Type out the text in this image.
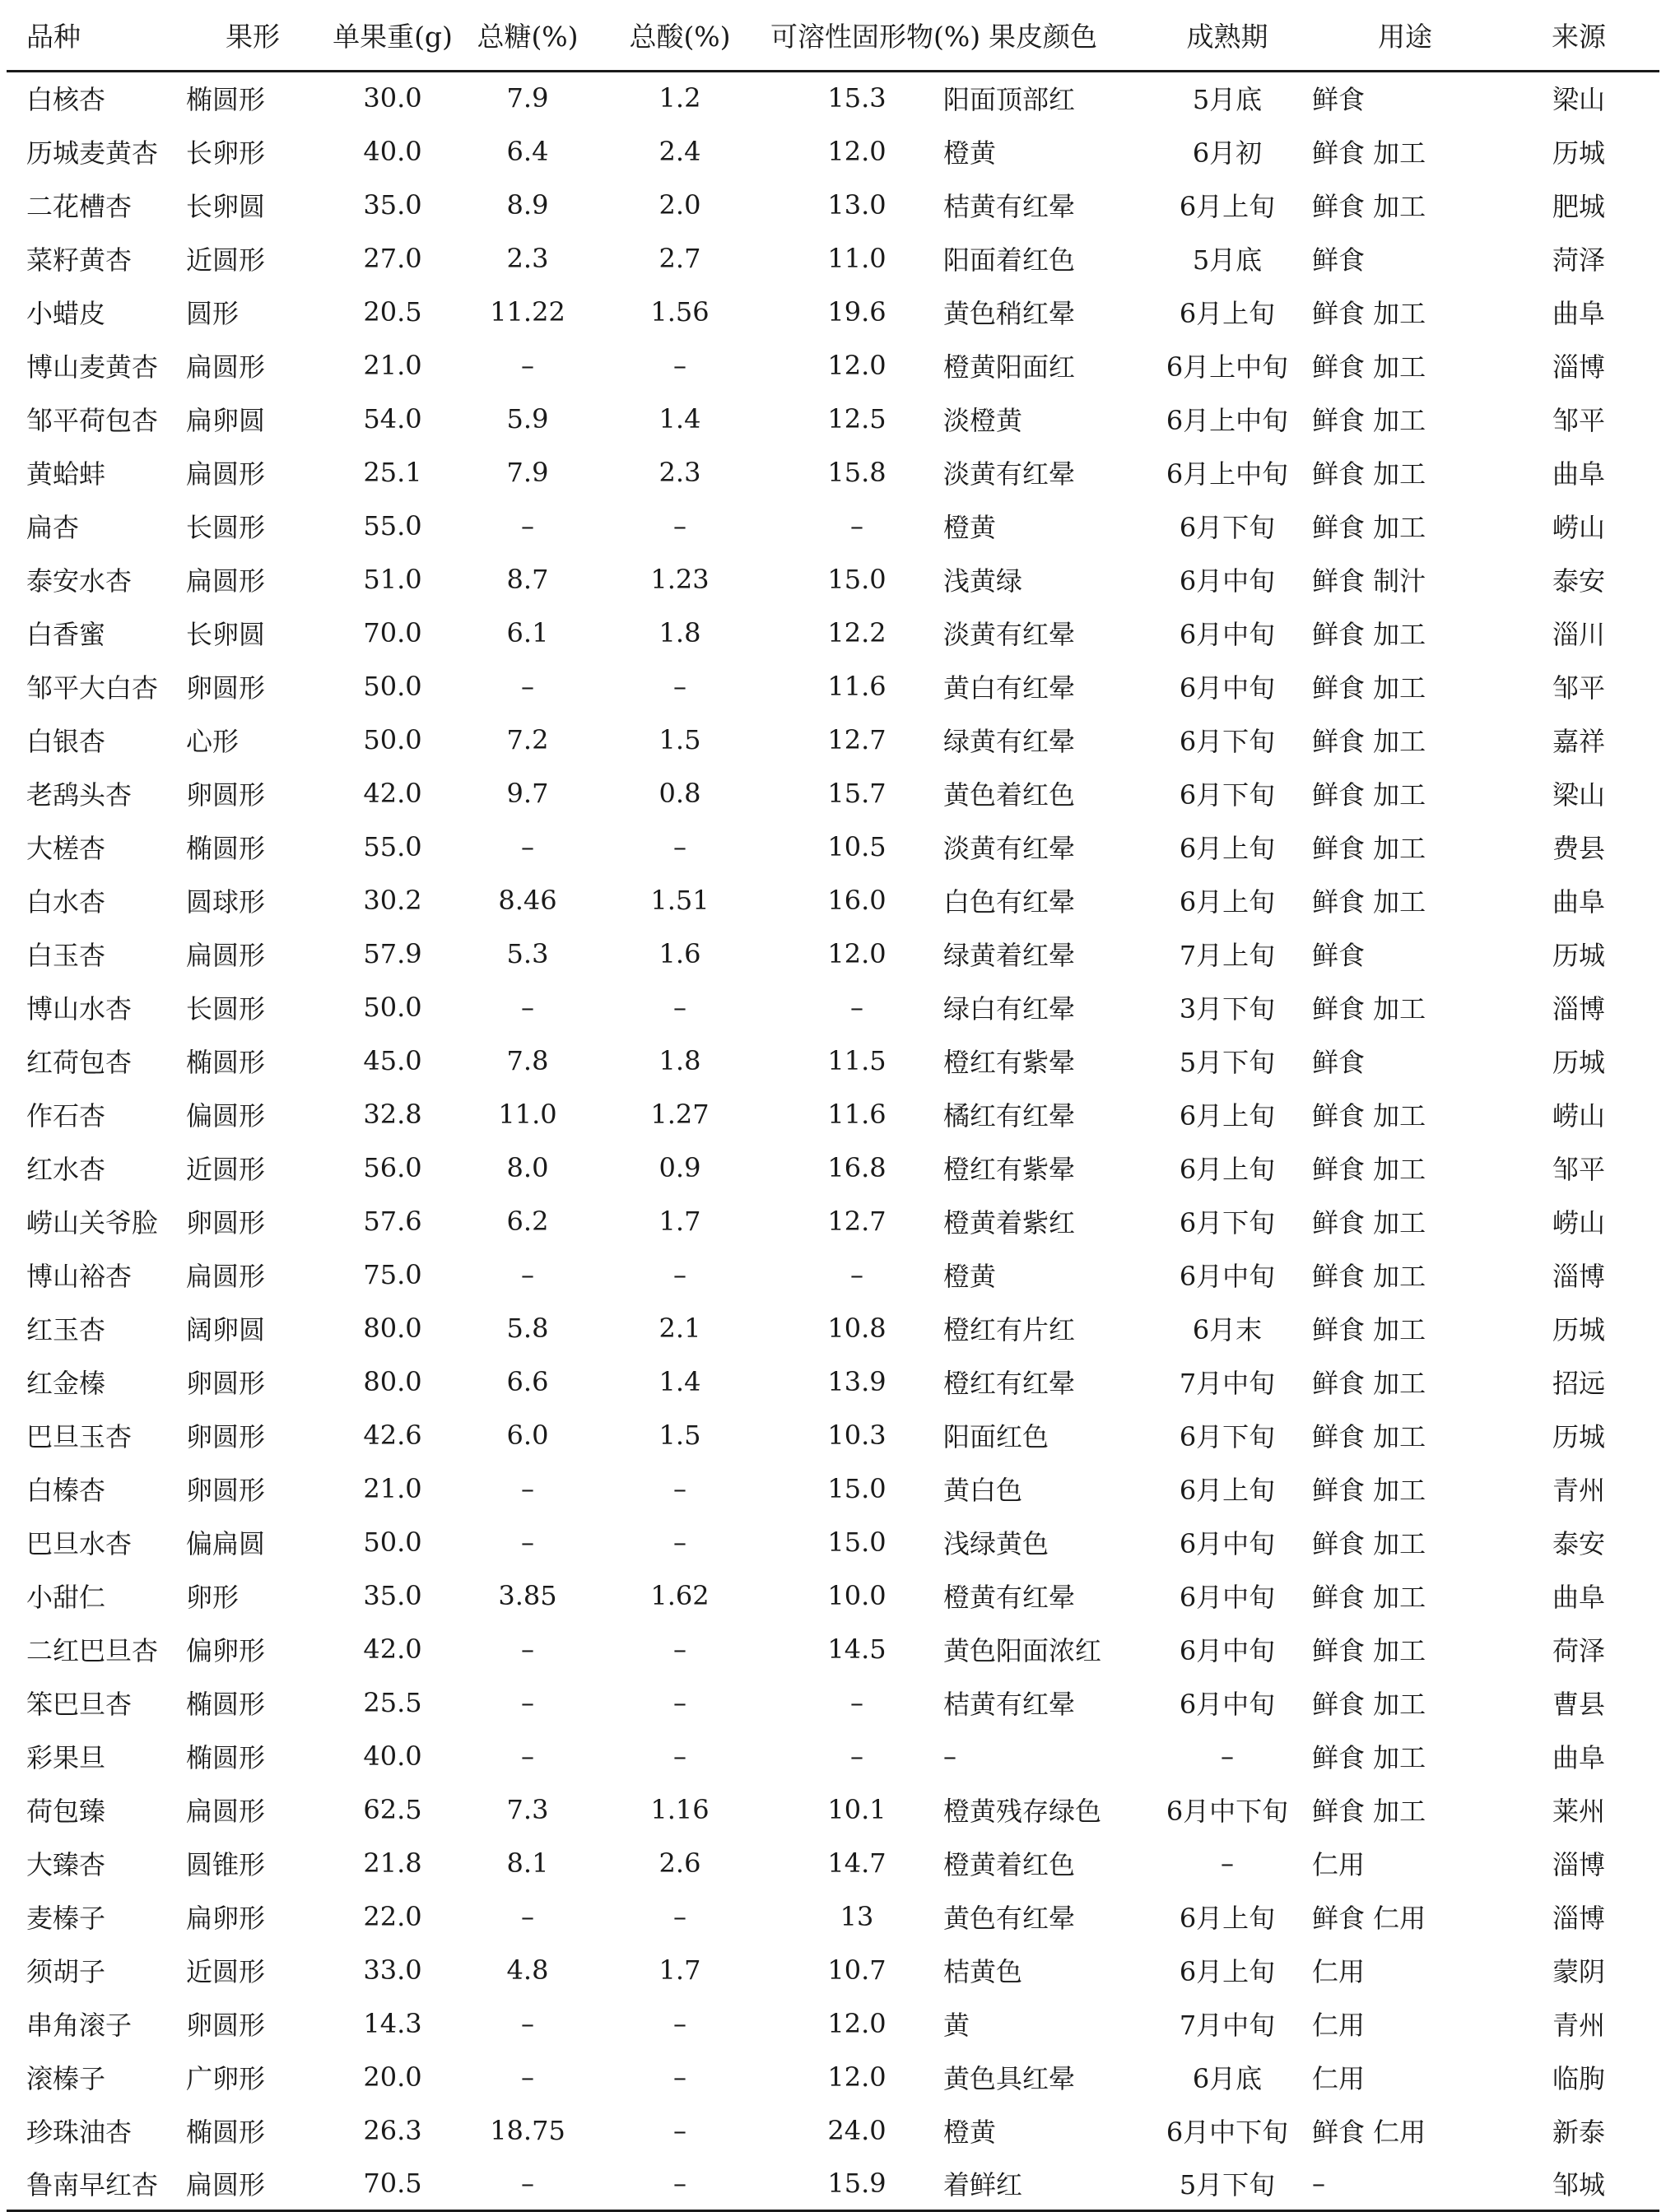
品种	果形	单果重(g)	总糖(%)	总酸(%)	可溶性固形物(%)	果皮颜色	成熟期	用途	来源
白核杏	椭圆形	30.0	7.9	1.2	15.3	阳面顶部红	5月底	鲜食	梁山
历城麦黄杏	长卵形	40.0	6.4	2.4	12.0	橙黄	6月初	鲜食 加工	历城
二花槽杏	长卵圆	35.0	8.9	2.0	13.0	桔黄有红晕	6月上旬	鲜食 加工	肥城
菜籽黄杏	近圆形	27.0	2.3	2.7	11.0	阳面着红色	5月底	鲜食	菏泽
小蜡皮	圆形	20.5	11.22	1.56	19.6	黄色稍红晕	6月上旬	鲜食 加工	曲阜
博山麦黄杏	扁圆形	21.0	–	–	12.0	橙黄阳面红	6月上中旬	鲜食 加工	淄博
邹平荷包杏	扁卵圆	54.0	5.9	1.4	12.5	淡橙黄	6月上中旬	鲜食 加工	邹平
黄蛤蚌	扁圆形	25.1	7.9	2.3	15.8	淡黄有红晕	6月上中旬	鲜食 加工	曲阜
扁杏	长圆形	55.0	–	–	–	橙黄	6月下旬	鲜食 加工	崂山
泰安水杏	扁圆形	51.0	8.7	1.23	15.0	浅黄绿	6月中旬	鲜食 制汁	泰安
白香蜜	长卵圆	70.0	6.1	1.8	12.2	淡黄有红晕	6月中旬	鲜食 加工	淄川
邹平大白杏	卵圆形	50.0	–	–	11.6	黄白有红晕	6月中旬	鲜食 加工	邹平
白银杏	心形	50.0	7.2	1.5	12.7	绿黄有红晕	6月下旬	鲜食 加工	嘉祥
老鸹头杏	卵圆形	42.0	9.7	0.8	15.7	黄色着红色	6月下旬	鲜食 加工	梁山
大槎杏	椭圆形	55.0	–	–	10.5	淡黄有红晕	6月上旬	鲜食 加工	费县
白水杏	圆球形	30.2	8.46	1.51	16.0	白色有红晕	6月上旬	鲜食 加工	曲阜
白玉杏	扁圆形	57.9	5.3	1.6	12.0	绿黄着红晕	7月上旬	鲜食	历城
博山水杏	长圆形	50.0	–	–	–	绿白有红晕	3月下旬	鲜食 加工	淄博
红荷包杏	椭圆形	45.0	7.8	1.8	11.5	橙红有紫晕	5月下旬	鲜食	历城
作石杏	偏圆形	32.8	11.0	1.27	11.6	橘红有红晕	6月上旬	鲜食 加工	崂山
红水杏	近圆形	56.0	8.0	0.9	16.8	橙红有紫晕	6月上旬	鲜食 加工	邹平
崂山关爷脸	卵圆形	57.6	6.2	1.7	12.7	橙黄着紫红	6月下旬	鲜食 加工	崂山
博山裕杏	扁圆形	75.0	–	–	–	橙黄	6月中旬	鲜食 加工	淄博
红玉杏	阔卵圆	80.0	5.8	2.1	10.8	橙红有片红	6月末	鲜食 加工	历城
红金榛	卵圆形	80.0	6.6	1.4	13.9	橙红有红晕	7月中旬	鲜食 加工	招远
巴旦玉杏	卵圆形	42.6	6.0	1.5	10.3	阳面红色	6月下旬	鲜食 加工	历城
白榛杏	卵圆形	21.0	–	–	15.0	黄白色	6月上旬	鲜食 加工	青州
巴旦水杏	偏扁圆	50.0	–	–	15.0	浅绿黄色	6月中旬	鲜食 加工	泰安
小甜仁	卵形	35.0	3.85	1.62	10.0	橙黄有红晕	6月中旬	鲜食 加工	曲阜
二红巴旦杏	偏卵形	42.0	–	–	14.5	黄色阳面浓红	6月中旬	鲜食 加工	荷泽
笨巴旦杏	椭圆形	25.5	–	–	–	桔黄有红晕	6月中旬	鲜食 加工	曹县
彩果旦	椭圆形	40.0	–	–	–	–	–	鲜食 加工	曲阜
荷包臻	扁圆形	62.5	7.3	1.16	10.1	橙黄残存绿色	6月中下旬	鲜食 加工	莱州
大臻杏	圆锥形	21.8	8.1	2.6	14.7	橙黄着红色	–	仁用	淄博
麦榛子	扁卵形	22.0	–	–	13	黄色有红晕	6月上旬	鲜食 仁用	淄博
须胡子	近圆形	33.0	4.8	1.7	10.7	桔黄色	6月上旬	仁用	蒙阴
串角滚子	卵圆形	14.3	–	–	12.0	黄	7月中旬	仁用	青州
滚榛子	广卵形	20.0	–	–	12.0	黄色具红晕	6月底	仁用	临朐
珍珠油杏	椭圆形	26.3	18.75	–	24.0	橙黄	6月中下旬	鲜食 仁用	新泰
鲁南早红杏	扁圆形	70.5	–	–	15.9	着鲜红	5月下旬	–	邹城
